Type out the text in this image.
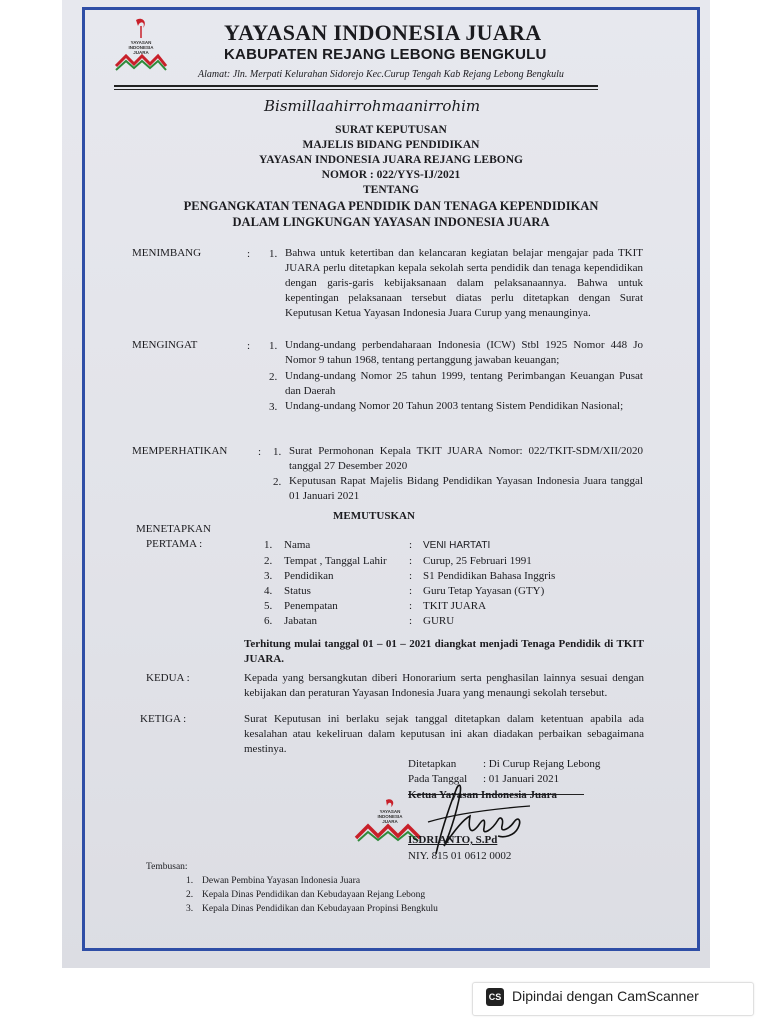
YAYASAN
INDONESIA
JUARA
YAYASAN INDONESIA JUARA
KABUPATEN REJANG LEBONG BENGKULU
Alamat: Jln. Merpati Kelurahan Sidorejo Kec.Curup Tengah Kab Rejang Lebong Bengkulu
Bismillaahirrohmaanirrohim
SURAT KEPUTUSAN
MAJELIS BIDANG PENDIDIKAN
YAYASAN INDONESIA JUARA REJANG LEBONG
NOMOR : 022/YYS-IJ/2021
TENTANG
PENGANGKATAN TENAGA PENDIDIK DAN TENAGA KEPENDIDIKAN
DALAM LINGKUNGAN YAYASAN INDONESIA JUARA
MENIMBANG	: 1. Bahwa untuk ketertiban dan kelancaran kegiatan belajar mengajar pada TKIT JUARA perlu ditetapkan kepala sekolah serta pendidik dan tenaga kependidikan dengan garis-garis kebijaksanaan dalam pelaksanaannya. Bahwa untuk kepentingan pelaksanaan tersebut diatas perlu ditetapkan dengan Surat Keputusan Ketua Yayasan Indonesia Juara Curup yang menaunginya.
MENGINGAT	: 1. Undang-undang perbendaharaan Indonesia (ICW) Stbl 1925 Nomor 448 Jo Nomor 9 tahun 1968, tentang pertanggung jawaban keuangan;
2. Undang-undang Nomor 25 tahun 1999, tentang Perimbangan Keuangan Pusat dan Daerah
3. Undang-undang Nomor 20 Tahun 2003 tentang Sistem Pendidikan Nasional;
MEMPERHATIKAN	: 1. Surat Permohonan Kepala TKIT JUARA Nomor: 022/TKIT-SDM/XII/2020 tanggal 27 Desember 2020
2. Keputusan Rapat Majelis Bidang Pendidikan Yayasan Indonesia Juara tanggal 01 Januari 2021
MEMUTUSKAN
MENETAPKAN
PERTAMA :	1. Nama	: VENI HARTATI
2. Tempat , Tanggal Lahir : Curup, 25 Februari 1991
3. Pendidikan	: S1 Pendidikan Bahasa Inggris
4. Status	: Guru Tetap Yayasan (GTY)
5. Penempatan	: TKIT JUARA
6. Jabatan	: GURU
Terhitung mulai tanggal 01 – 01 – 2021 diangkat menjadi Tenaga Pendidik di TKIT JUARA.
KEDUA :	Kepada yang bersangkutan diberi Honorarium serta penghasilan lainnya sesuai dengan kebijakan dan peraturan Yayasan Indonesia Juara yang menaungi sekolah tersebut.
KETIGA :	Surat Keputusan ini berlaku sejak tanggal ditetapkan dalam ketentuan apabila ada kesalahan atau kekeliruan dalam keputusan ini akan diadakan perbaikan sebagaimana mestinya.
Ditetapkan : Di Curup Rejang Lebong
Pada Tanggal : 01 Januari 2021
Ketua Yayasan Indonesia Juara
YAYASAN
INDONESIA
JUARA
ISDRIANTO, S.Pd
NIY. 815 01 0612 0002
Tembusan:
1. Dewan Pembina Yayasan Indonesia Juara
2. Kepala Dinas Pendidikan dan Kebudayaan Rejang Lebong
3. Kepala Dinas Pendidikan dan Kebudayaan Propinsi Bengkulu
CS Dipindai dengan CamScanner
